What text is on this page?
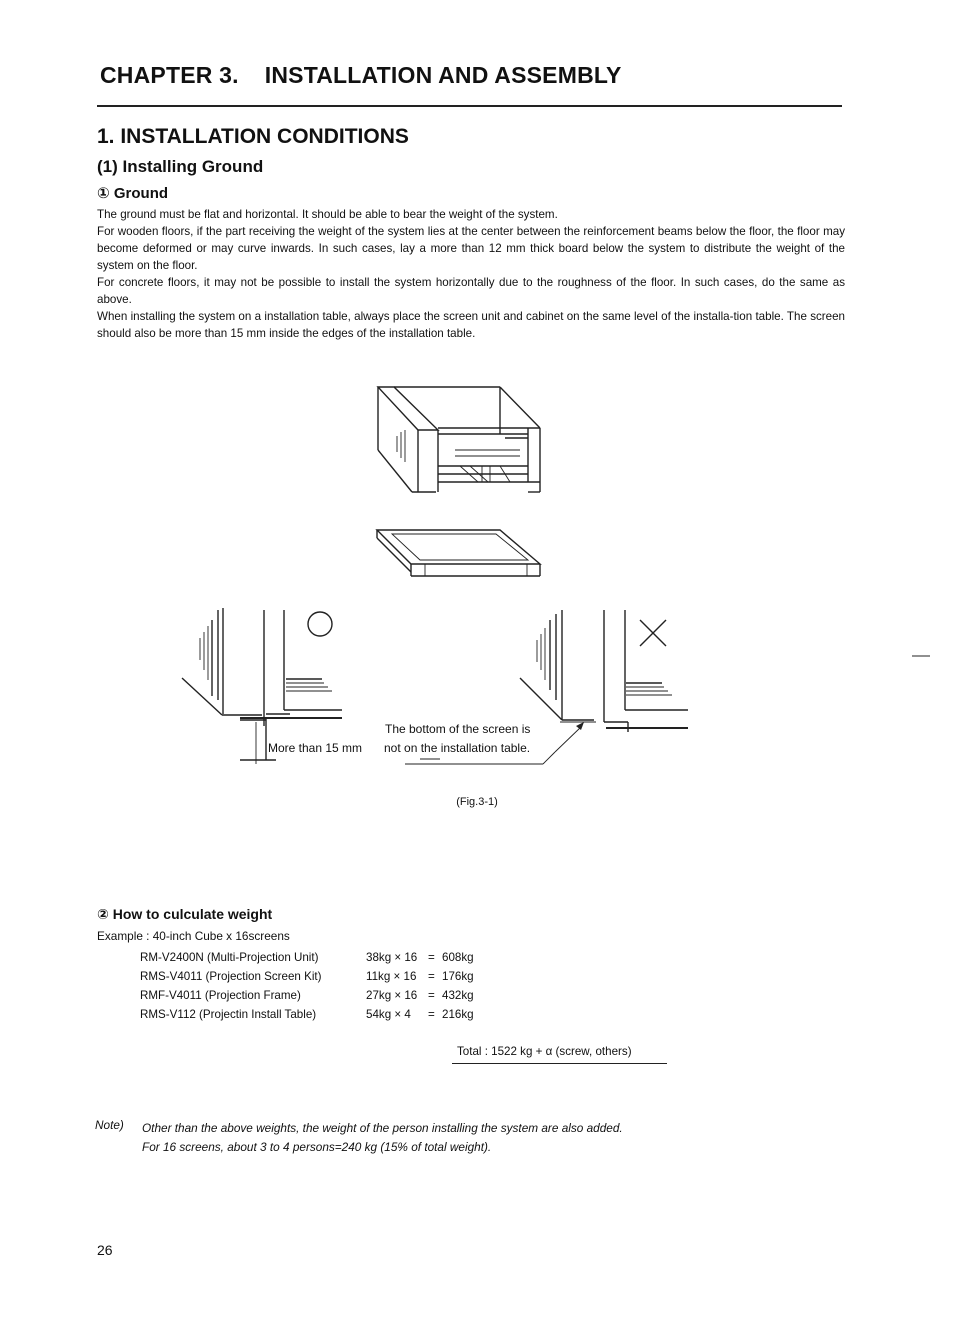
CHAPTER 3. INSTALLATION AND ASSEMBLY
1. INSTALLATION CONDITIONS
(1) Installing Ground
① Ground
The ground must be flat and horizontal. It should be able to bear the weight of the system.
For wooden floors, if the part receiving the weight of the system lies at the center between the reinforcement beams below the floor, the floor may become deformed or may curve inwards. In such cases, lay a more than 12 mm thick board below the system to distribute the weight of the system on the floor.
For concrete floors, it may not be possible to install the system horizontally due to the roughness of the floor. In such cases, do the same as above.
When installing the system on a installation table, always place the screen unit and cabinet on the same level of the installa-tion table. The screen should also be more than 15 mm inside the edges of the installation table.
More than 15 mm
The bottom of the screen is
not on the installation table.
(Fig.3-1)
② How to culculate weight
Example : 40-inch Cube x 16screens
RM-V2400N (Multi-Projection Unit)	38kg × 16	=	608kg
RMS-V4011 (Projection Screen Kit)	11kg × 16	=	176kg
RMF-V4011 (Projection Frame)	27kg × 16	=	432kg
RMS-V112 (Projectin Install Table)	54kg × 4	=	216kg
Total : 1522 kg + α (screw, others)
Note) Other than the above weights, the weight of the person installing the system are also added.
For 16 screens, about 3 to 4 persons=240 kg (15% of total weight).
26
